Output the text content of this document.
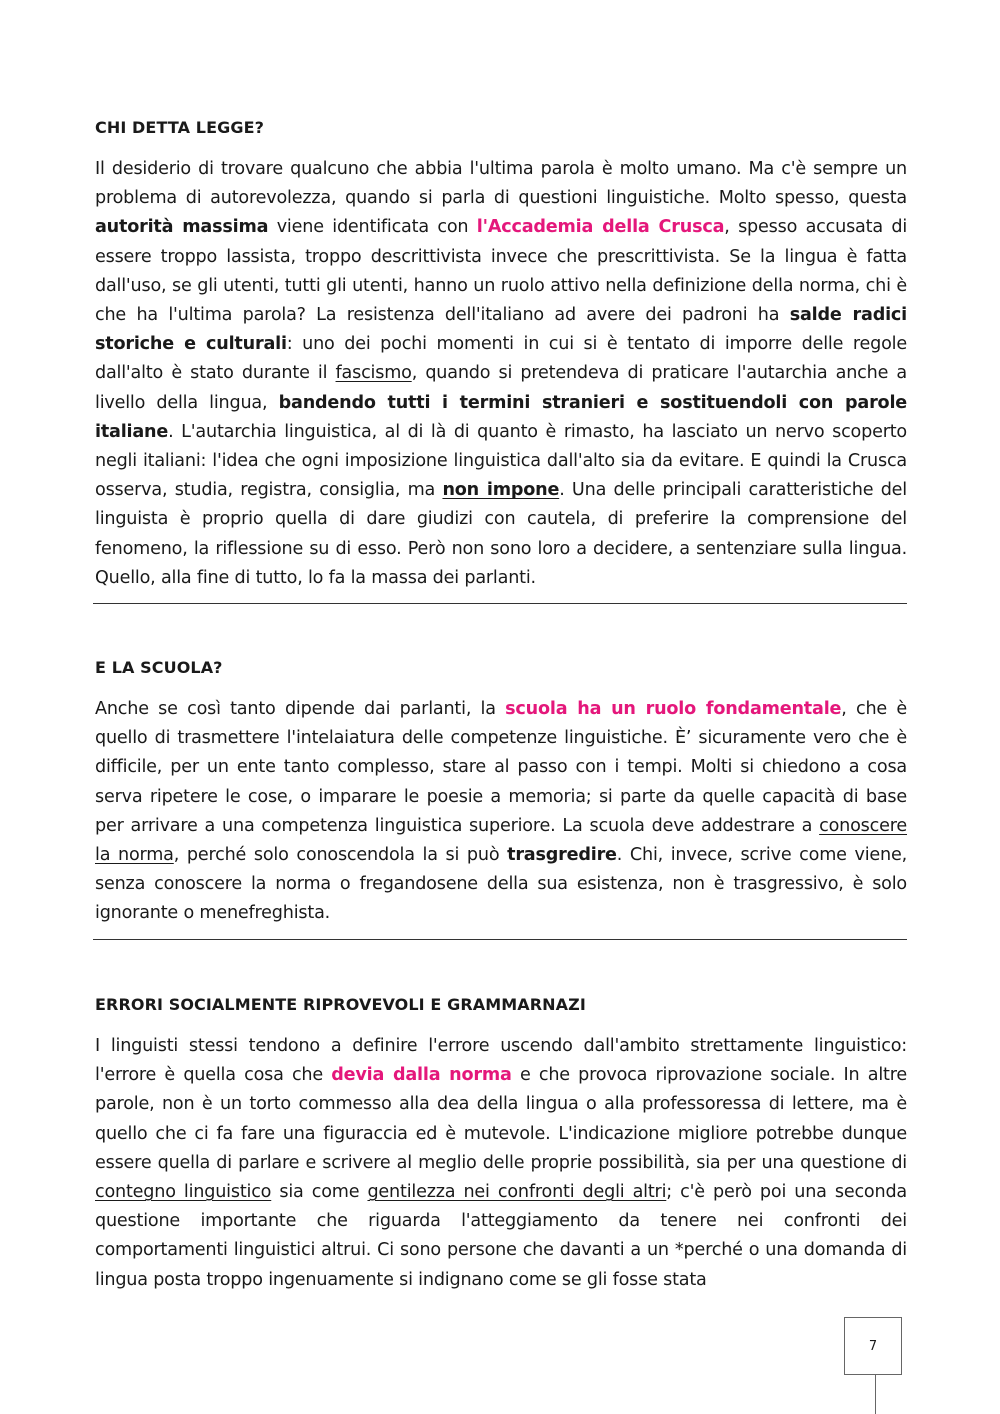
CHI DETTA LEGGE?

Il desiderio di trovare qualcuno che abbia l'ultima parola è molto umano. Ma c'è sempre un problema di autorevolezza, quando si parla di questioni linguistiche. Molto spesso, questa autorità massima viene identificata con l'Accademia della Crusca, spesso accusata di essere troppo lassista, troppo descrittivista invece che prescrittivista. Se la lingua è fatta dall'uso, se gli utenti, tutti gli utenti, hanno un ruolo attivo nella definizione della norma, chi è che ha l'ultima parola? La resistenza dell'italiano ad avere dei padroni ha salde radici storiche e culturali: uno dei pochi momenti in cui si è tentato di imporre delle regole dall'alto è stato durante il fascismo, quando si pretendeva di praticare l'autarchia anche a livello della lingua, bandendo tutti i termini stranieri e sostituendoli con parole italiane. L'autarchia linguistica, al di là di quanto è rimasto, ha lasciato un nervo scoperto negli italiani: l'idea che ogni imposizione linguistica dall'alto sia da evitare. E quindi la Crusca osserva, studia, registra, consiglia, ma non impone. Una delle principali caratteristiche del linguista è proprio quella di dare giudizi con cautela, di preferire la comprensione del fenomeno, la riflessione su di esso. Però non sono loro a decidere, a sentenziare sulla lingua. Quello, alla fine di tutto, lo fa la massa dei parlanti.

E LA SCUOLA?

Anche se così tanto dipende dai parlanti, la scuola ha un ruolo fondamentale, che è quello di trasmettere l'intelaiatura delle competenze linguistiche. È’ sicuramente vero che è difficile, per un ente tanto complesso, stare al passo con i tempi. Molti si chiedono a cosa serva ripetere le cose, o imparare le poesie a memoria; si parte da quelle capacità di base per arrivare a una competenza linguistica superiore. La scuola deve addestrare a conoscere la norma, perché solo conoscendola la si può trasgredire. Chi, invece, scrive come viene, senza conoscere la norma o fregandosene della sua esistenza, non è trasgressivo, è solo ignorante o menefreghista.

ERRORI SOCIALMENTE RIPROVEVOLI E GRAMMARNAZI

I linguisti stessi tendono a definire l'errore uscendo dall'ambito strettamente linguistico: l'errore è quella cosa che devia dalla norma e che provoca riprovazione sociale. In altre parole, non è un torto commesso alla dea della lingua o alla professoressa di lettere, ma è quello che ci fa fare una figuraccia ed è mutevole. L'indicazione migliore potrebbe dunque essere quella di parlare e scrivere al meglio delle proprie possibilità, sia per una questione di contegno linguistico sia come gentilezza nei confronti degli altri; c'è però poi una seconda questione importante che riguarda l'atteggiamento da tenere nei confronti dei comportamenti linguistici altrui. Ci sono persone che davanti a un *perché o una domanda di lingua posta troppo ingenuamente si indignano come se gli fosse stata

7
